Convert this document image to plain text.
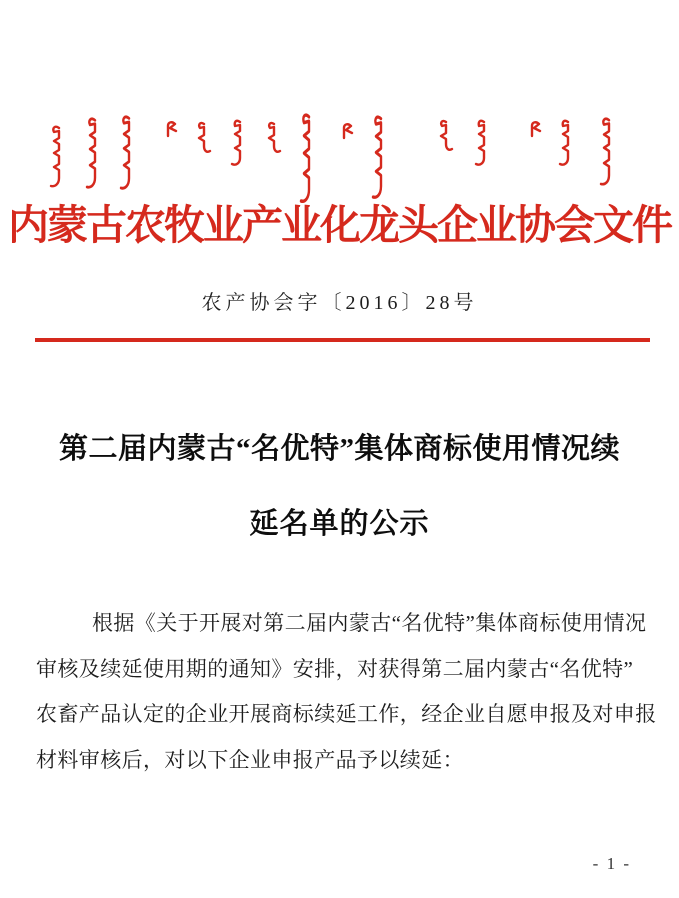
内蒙古农牧业产业化龙头企业协会文件
农产协会字〔2016〕28号
第二届内蒙古“名优特”集体商标使用情况续
延名单的公示
根据《关于开展对第二届内蒙古“名优特”集体商标使用情况
审核及续延使用期的通知》安排，对获得第二届内蒙古“名优特”
农畜产品认定的企业开展商标续延工作，经企业自愿申报及对申报
材料审核后，对以下企业申报产品予以续延：
- 1 -
